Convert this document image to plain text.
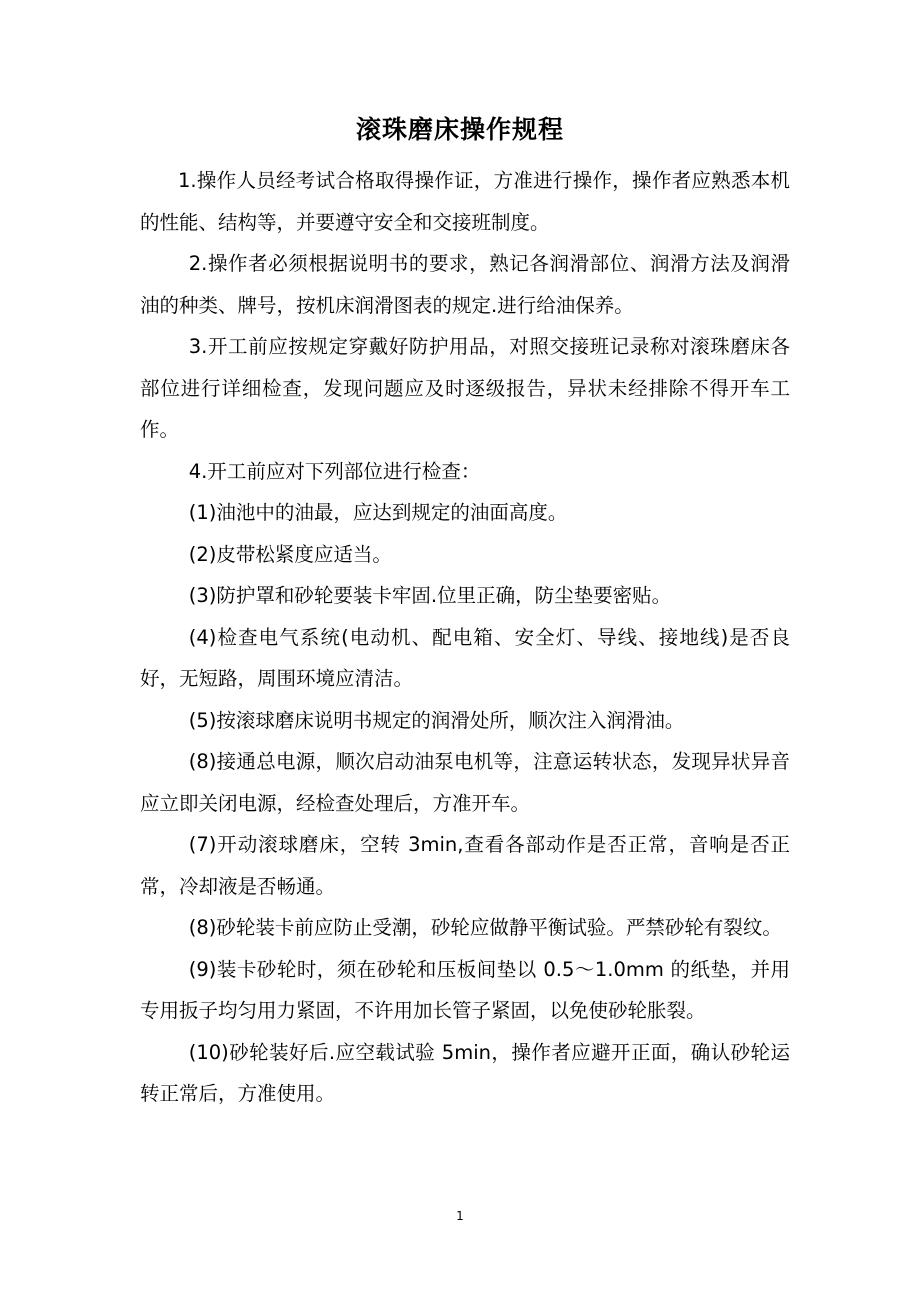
滚珠磨床操作规程

1.操作人员经考试合格取得操作证，方准进行操作，操作者应熟悉本机的性能、结构等，并要遵守安全和交接班制度。

2.操作者必须根据说明书的要求，熟记各润滑部位、润滑方法及润滑油的种类、牌号，按机床润滑图表的规定.进行给油保养。

3.开工前应按规定穿戴好防护用品，对照交接班记录称对滚珠磨床各部位进行详细检查，发现问题应及时逐级报告，异状未经排除不得开车工作。

4.开工前应对下列部位进行检查：

(1)油池中的油最，应达到规定的油面高度。

(2)皮带松紧度应适当。

(3)防护罩和砂轮要装卡牢固.位里正确，防尘垫要密贴。

(4)检查电气系统(电动机、配电箱、安全灯、导线、接地线)是否良好，无短路，周围环境应清洁。

(5)按滚球磨床说明书规定的润滑处所，顺次注入润滑油。

(8)接通总电源，顺次启动油泵电机等，注意运转状态，发现异状异音应立即关闭电源，经检查处理后，方准开车。

(7)开动滚球磨床，空转 3min,查看各部动作是否正常，音响是否正常，冷却液是否畅通。

(8)砂轮装卡前应防止受潮，砂轮应做静平衡试验。严禁砂轮有裂纹。

(9)装卡砂轮时，须在砂轮和压板间垫以 0.5～1.0mm 的纸垫，并用专用扳子均匀用力紧固，不许用加长管子紧固，以免使砂轮胀裂。

(10)砂轮装好后.应空载试验 5min，操作者应避开正面，确认砂轮运转正常后，方准使用。

1
